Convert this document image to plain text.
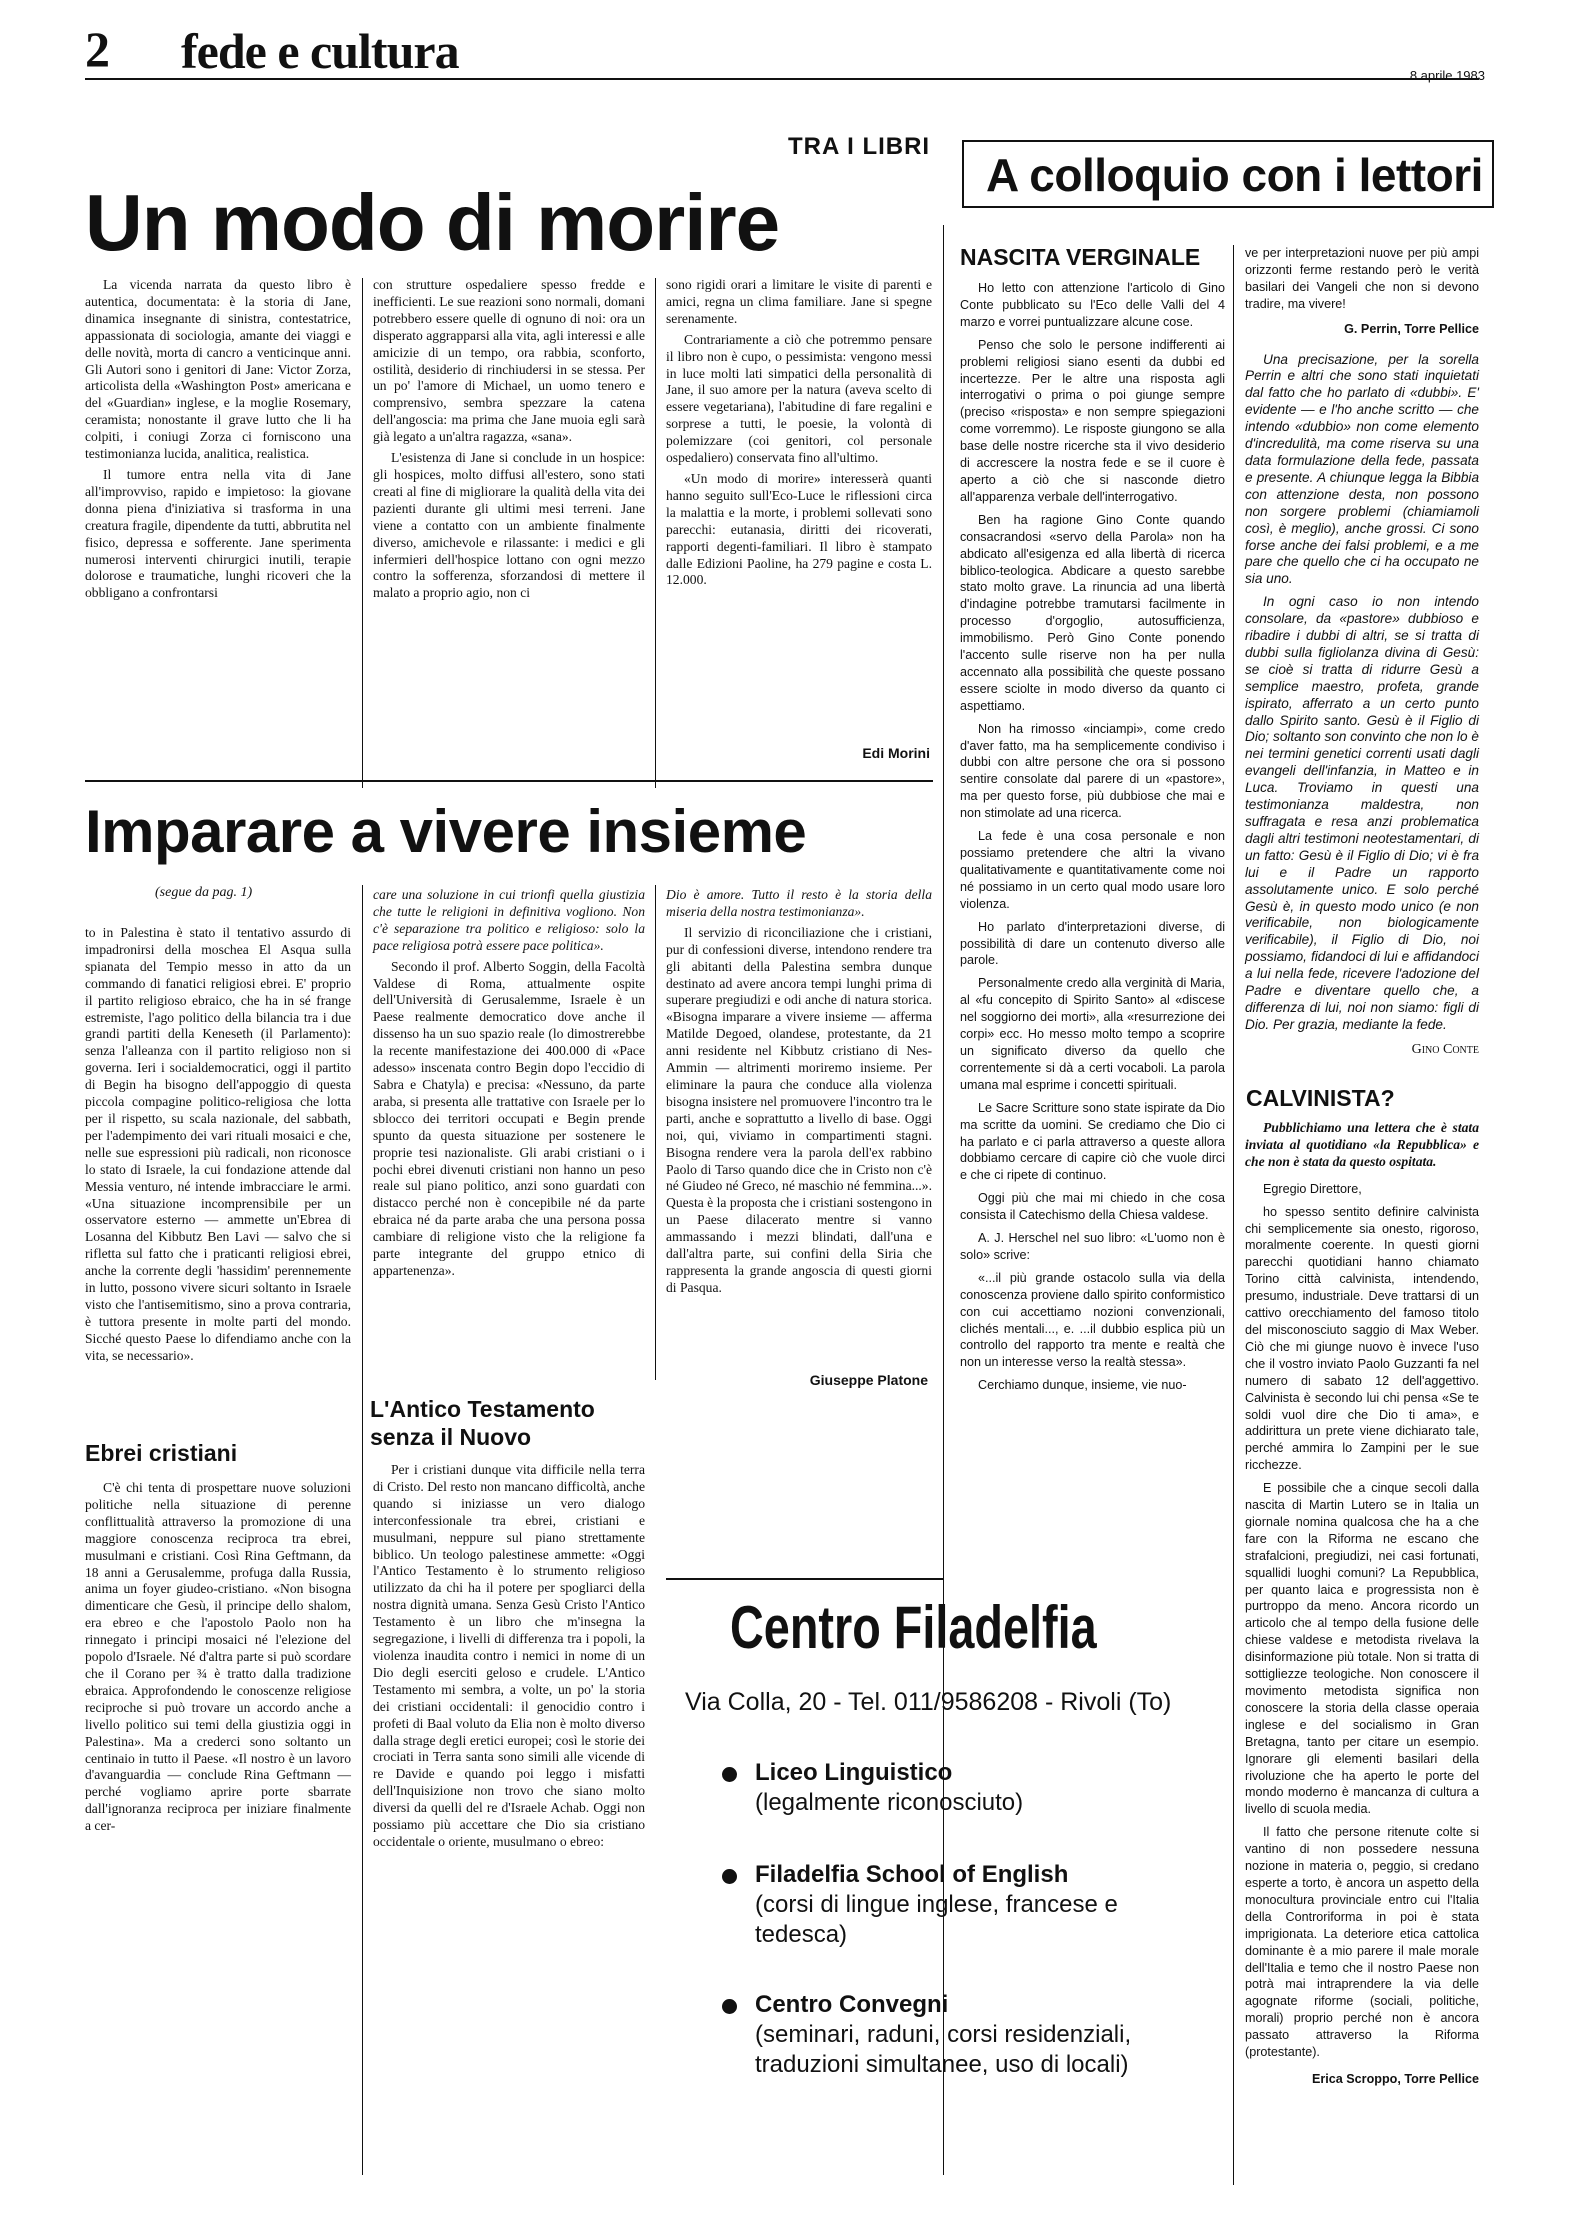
2 fede e cultura	8 aprile 1983
TRA I LIBRI
Un modo di morire

La vicenda narrata da questo libro è autentica, documentata: è la storia di Jane, dinamica insegnante di sinistra, contestatrice, appassionata di sociologia, amante dei viaggi e delle novità, morta di cancro a venticinque anni. Gli Autori sono i genitori di Jane: Victor Zorza, articolista della «Washington Post» americana e del «Guardian» inglese, e la moglie Rosemary, ceramista; nonostante il grave lutto che li ha colpiti, i coniugi Zorza ci forniscono una testimonianza lucida, analitica, realistica.

Il tumore entra nella vita di Jane all'improvviso, rapido e impietoso: la giovane donna piena d'iniziativa si trasforma in una creatura fragile, dipendente da tutti, abbrutita nel fisico, depressa e sofferente. Jane sperimenta numerosi interventi chirurgici inutili, terapie dolorose e traumatiche, lunghi ricoveri che la obbligano a confrontarsi

con strutture ospedaliere spesso fredde e inefficienti. Le sue reazioni sono normali, domani potrebbero essere quelle di ognuno di noi: ora un disperato aggrapparsi alla vita, agli interessi e alle amicizie di un tempo, ora rabbia, sconforto, ostilità, desiderio di rinchiudersi in se stessa. Per un po' l'amore di Michael, un uomo tenero e comprensivo, sembra spezzare la catena dell'angoscia: ma prima che Jane muoia egli sarà già legato a un'altra ragazza, «sana».

L'esistenza di Jane si conclude in un hospice: gli hospices, molto diffusi all'estero, sono stati creati al fine di migliorare la qualità della vita dei pazienti durante gli ultimi mesi terreni. Jane viene a contatto con un ambiente finalmente diverso, amichevole e rilassante: i medici e gli infermieri dell'hospice lottano con ogni mezzo contro la sofferenza, sforzandosi di mettere il malato a proprio agio, non ci

sono rigidi orari a limitare le visite di parenti e amici, regna un clima familiare. Jane si spegne serenamente.

Contrariamente a ciò che potremmo pensare il libro non è cupo, o pessimista: vengono messi in luce molti lati simpatici della personalità di Jane, il suo amore per la natura (aveva scelto di essere vegetariana), l'abitudine di fare regalini e sorprese a tutti, le poesie, la volontà di polemizzare (coi genitori, col personale ospedaliero) conservata fino all'ultimo.

«Un modo di morire» interesserà quanti hanno seguito sull'Eco-Luce le riflessioni circa la malattia e la morte, i problemi sollevati sono parecchi: eutanasia, diritti dei ricoverati, rapporti degenti-familiari. Il libro è stampato dalle Edizioni Paoline, ha 279 pagine e costa L. 12.000.

Edi Morini
Imparare a vivere insieme
(segue da pag. 1)

to in Palestina è stato il tentativo assurdo di impadronirsi della moschea El Asqua sulla spianata del Tempio messo in atto da un commando di fanatici religiosi ebrei. E' proprio il partito religioso ebraico, che ha in sé frange estremiste, l'ago politico della bilancia tra i due grandi partiti della Keneseth (il Parlamento): senza l'alleanza con il partito religioso non si governa. Ieri i socialdemocratici, oggi il partito di Begin ha bisogno dell'appoggio di questa piccola compagine politico-religiosa che lotta per il rispetto, su scala nazionale, del sabbath, per l'adempimento dei vari rituali mosaici e che, nelle sue espressioni più radicali, non riconosce lo stato di Israele, la cui fondazione attende dal Messia venturo, né intende imbracciare le armi. «Una situazione incomprensibile per un osservatore esterno — ammette un'Ebrea di Losanna del Kibbutz Ben Lavi — salvo che si rifletta sul fatto che i praticanti religiosi ebrei, anche la corrente degli 'hassidim' perennemente in lutto, possono vivere sicuri soltanto in Israele visto che l'antisemitismo, sino a prova contraria, è tuttora presente in molte parti del mondo. Sicché questo Paese lo difendiamo anche con la vita, se necessario».

Ebrei cristiani

C'è chi tenta di prospettare nuove soluzioni politiche nella situazione di perenne conflittualità attraverso la promozione di una maggiore conoscenza reciproca tra ebrei, musulmani e cristiani. Così Rina Geftmann, da 18 anni a Gerusalemme, profuga dalla Russia, anima un foyer giudeo-cristiano. «Non bisogna dimenticare che Gesù, il principe dello shalom, era ebreo e che l'apostolo Paolo non ha rinnegato i principi mosaici né l'elezione del popolo d'Israele. Né d'altra parte si può scordare che il Corano per ¾ è tratto dalla tradizione ebraica. Approfondendo le conoscenze religiose reciproche si può trovare un accordo anche a livello politico sui temi della giustizia oggi in Palestina». Ma a crederci sono soltanto un centinaio in tutto il Paese. «Il nostro è un lavoro d'avanguardia — conclude Rina Geftmann — perché vogliamo aprire porte sbarrate dall'ignoranza reciproca per iniziare finalmente a cer-

care una soluzione in cui trionfi quella giustizia che tutte le religioni in definitiva vogliono. Non c'è separazione tra politico e religioso: solo la pace religiosa potrà essere pace politica».

Secondo il prof. Alberto Soggin, della Facoltà Valdese di Roma, attualmente ospite dell'Università di Gerusalemme, Israele è un Paese realmente democratico dove anche il dissenso ha un suo spazio reale (lo dimostrerebbe la recente manifestazione dei 400.000 di «Pace adesso» inscenata contro Begin dopo l'eccidio di Sabra e Chatyla) e precisa: «Nessuno, da parte araba, si presenta alle trattative con Israele per lo sblocco dei territori occupati e Begin prende spunto da questa situazione per sostenere le proprie tesi nazionaliste. Gli arabi cristiani o i pochi ebrei divenuti cristiani non hanno un peso reale sul piano politico, anzi sono guardati con distacco perché non è concepibile né da parte ebraica né da parte araba che una persona possa cambiare di religione visto che la religione fa parte integrante del gruppo etnico di appartenenza».

L'Antico Testamento senza il Nuovo

Per i cristiani dunque vita difficile nella terra di Cristo. Del resto non mancano difficoltà, anche quando si iniziasse un vero dialogo interconfessionale tra ebrei, cristiani e musulmani, neppure sul piano strettamente biblico. Un teologo palestinese ammette: «Oggi l'Antico Testamento è lo strumento religioso utilizzato da chi ha il potere per spogliarci della nostra dignità umana. Senza Gesù Cristo l'Antico Testamento è un libro che m'insegna la segregazione, i livelli di differenza tra i popoli, la violenza inaudita contro i nemici in nome di un Dio degli eserciti geloso e crudele. L'Antico Testamento mi sembra, a volte, un po' la storia dei cristiani occidentali: il genocidio contro i profeti di Baal voluto da Elia non è molto diverso dalla strage degli eretici europei; così le storie dei crociati in Terra santa sono simili alle vicende di re Davide e quando poi leggo i misfatti dell'Inquisizione non trovo che siano molto diversi da quelli del re d'Israele Achab. Oggi non possiamo più accettare che Dio sia cristiano occidentale o oriente, musulmano o ebreo:

Dio è amore. Tutto il resto è la storia della miseria della nostra testimonianza».

Il servizio di riconciliazione che i cristiani, pur di confessioni diverse, intendono rendere tra gli abitanti della Palestina sembra dunque destinato ad avere ancora tempi lunghi prima di superare pregiudizi e odi anche di natura storica. «Bisogna imparare a vivere insieme — afferma Matilde Degoed, olandese, protestante, da 21 anni residente nel Kibbutz cristiano di Nes-Ammin — altrimenti moriremo insieme. Per eliminare la paura che conduce alla violenza bisogna insistere nel promuovere l'incontro tra le parti, anche e soprattutto a livello di base. Oggi noi, qui, viviamo in compartimenti stagni. Bisogna rendere vera la parola dell'ex rabbino Paolo di Tarso quando dice che in Cristo non c'è né Giudeo né Greco, né maschio né femmina...». Questa è la proposta che i cristiani sostengono in un Paese dilacerato mentre si vanno ammassando i mezzi blindati, dall'una e dall'altra parte, sui confini della Siria che rappresenta la grande angoscia di questi giorni di Pasqua.

Giuseppe Platone
Centro Filadelfia
Via Colla, 20 - Tel. 011/9586208 - Rivoli (To)
Liceo Linguistico
(legalmente riconosciuto)
Filadelfia School of English
(corsi di lingue inglese, francese e tedesca)
Centro Convegni
(seminari, raduni, corsi residenziali, traduzioni simultanee, uso di locali)
A colloquio con i lettori
NASCITA VERGINALE

Ho letto con attenzione l'articolo di Gino Conte pubblicato su l'Eco delle Valli del 4 marzo e vorrei puntualizzare alcune cose.

Penso che solo le persone indifferenti ai problemi religiosi siano esenti da dubbi ed incertezze. Per le altre una risposta agli interrogativi o prima o poi giunge sempre (preciso «risposta» e non sempre spiegazioni come vorremmo). Le risposte giungono se alla base delle nostre ricerche sta il vivo desiderio di accrescere la nostra fede e se il cuore è aperto a ciò che si nasconde dietro all'apparenza verbale dell'interrogativo.

Ben ha ragione Gino Conte quando consacrandosi «servo della Parola» non ha abdicato all'esigenza ed alla libertà di ricerca biblico-teologica. Abdicare a questo sarebbe stato molto grave. La rinuncia ad una libertà d'indagine potrebbe tramutarsi facilmente in processo d'orgoglio, autosufficienza, immobilismo. Però Gino Conte ponendo l'accento sulle riserve non ha per nulla accennato alla possibilità che queste possano essere sciolte in modo diverso da quanto ci aspettiamo.

Non ha rimosso «inciampi», come credo d'aver fatto, ma ha semplicemente condiviso i dubbi con altre persone che ora si possono sentire consolate dal parere di un «pastore», ma per questo forse, più dubbiose che mai e non stimolate ad una ricerca.

La fede è una cosa personale e non possiamo pretendere che altri la vivano qualitativamente e quantitativamente come noi né possiamo in un certo qual modo usare loro violenza.

Ho parlato d'interpretazioni diverse, di possibilità di dare un contenuto diverso alle parole.

Personalmente credo alla verginità di Maria, al «fu concepito di Spirito Santo» al «discese nel soggiorno dei morti», alla «resurrezione dei corpi» ecc. Ho messo molto tempo a scoprire un significato diverso da quello che correntemente si dà a certi vocaboli. La parola umana mal esprime i concetti spirituali.

Le Sacre Scritture sono state ispirate da Dio ma scritte da uomini. Se crediamo che Dio ci ha parlato e ci parla attraverso a queste allora dobbiamo cercare di capire ciò che vuole dirci e che ci ripete di continuo.

Oggi più che mai mi chiedo in che cosa consista il Catechismo della Chiesa valdese.

A. J. Herschel nel suo libro: «L'uomo non è solo» scrive:

«...il più grande ostacolo sulla via della conoscenza proviene dallo spirito conformistico con cui accettiamo nozioni convenzionali, clichés mentali..., e. ...il dubbio esplica più un controllo del rapporto tra mente e realtà che non un interesse verso la realtà stessa».

Cerchiamo dunque, insieme, vie nuo-

ve per interpretazioni nuove per più ampi orizzonti ferme restando però le verità basilari dei Vangeli che non si devono tradire, ma vivere!

G. Perrin, Torre Pellice

Una precisazione, per la sorella Perrin e altri che sono stati inquietati dal fatto che ho parlato di «dubbi». E' evidente — e l'ho anche scritto — che intendo «dubbio» non come elemento d'incredulità, ma come riserva su una data formulazione della fede, passata e presente. A chiunque legga la Bibbia con attenzione desta, non possono non sorgere problemi (chiamiamoli così, è meglio), anche grossi. Ci sono forse anche dei falsi problemi, e a me pare che quello che ci ha occupato ne sia uno.

In ogni caso io non intendo consolare, da «pastore» dubbioso e ribadire i dubbi di altri, se si tratta di dubbi sulla figliolanza divina di Gesù: se cioè si tratta di ridurre Gesù a semplice maestro, profeta, grande ispirato, afferrato a un certo punto dallo Spirito santo. Gesù è il Figlio di Dio; soltanto son convinto che non lo è nei termini genetici correnti usati dagli evangeli dell'infanzia, in Matteo e in Luca. Troviamo in questi una testimonianza maldestra, non suffragata e resa anzi problematica dagli altri testimoni neotestamentari, di un fatto: Gesù è il Figlio di Dio; vi è fra lui e il Padre un rapporto assolutamente unico. E solo perché Gesù è, in questo modo unico (e non verificabile, non biologicamente verificabile), il Figlio di Dio, noi possiamo, fidandoci di lui e affidandoci a lui nella fede, ricevere l'adozione del Padre e diventare quello che, a differenza di lui, noi non siamo: figli di Dio. Per grazia, mediante la fede.

Gino Conte
CALVINISTA?

Pubblichiamo una lettera che è stata inviata al quotidiano «la Repubblica» e che non è stata da questo ospitata.

Egregio Direttore,

ho spesso sentito definire calvinista chi semplicemente sia onesto, rigoroso, moralmente coerente. In questi giorni parecchi quotidiani hanno chiamato Torino città calvinista, intendendo, presumo, industriale. Deve trattarsi di un cattivo orecchiamento del famoso titolo del misconosciuto saggio di Max Weber. Ciò che mi giunge nuovo è invece l'uso che il vostro inviato Paolo Guzzanti fa nel numero di sabato 12 dell'aggettivo. Calvinista è secondo lui chi pensa «Se te soldi vuol dire che Dio ti ama», e addirittura un prete viene dichiarato tale, perché ammira lo Zampini per le sue ricchezze.

E possibile che a cinque secoli dalla nascita di Martin Lutero se in Italia un giornale nomina qualcosa che ha a che fare con la Riforma ne escano che strafalcioni, pregiudizi, nei casi fortunati, squallidi luoghi comuni? La Repubblica, per quanto laica e progressista non è purtroppo da meno. Ancora ricordo un articolo che al tempo della fusione delle chiese valdese e metodista rivelava la disinformazione più totale. Non si tratta di sottigliezze teologiche. Non conoscere il movimento metodista significa non conoscere la storia della classe operaia inglese e del socialismo in Gran Bretagna, tanto per citare un esempio. Ignorare gli elementi basilari della rivoluzione che ha aperto le porte del mondo moderno è mancanza di cultura a livello di scuola media.

Il fatto che persone ritenute colte si vantino di non possedere nessuna nozione in materia o, peggio, si credano esperte a torto, è ancora un aspetto della monocultura provinciale entro cui l'Italia della Controriforma in poi è stata imprigionata. La deteriore etica cattolica dominante è a mio parere il male morale dell'Italia e temo che il nostro Paese non potrà mai intraprendere la via delle agognate riforme (sociali, politiche, morali) proprio perché non è ancora passato attraverso la Riforma (protestante).

Erica Scroppo, Torre Pellice
